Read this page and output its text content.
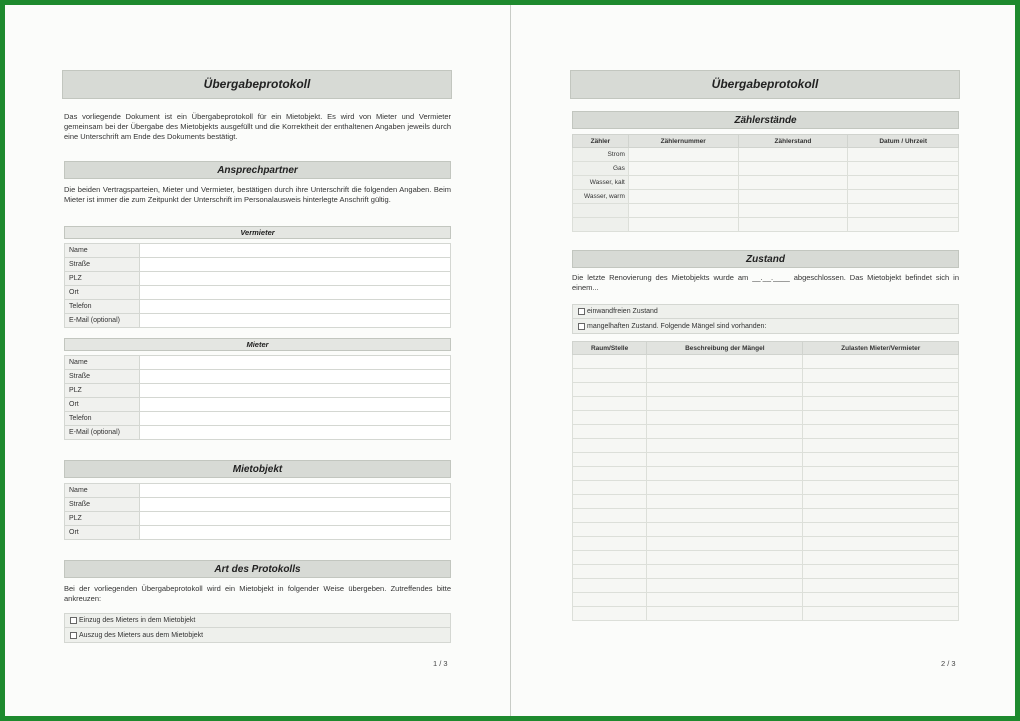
Übergabeprotokoll
Das vorliegende Dokument ist ein Übergabeprotokoll für ein Mietobjekt. Es wird von Mieter und Vermieter gemeinsam bei der Übergabe des Mietobjekts ausgefüllt und die Korrektheit der enthaltenen Angaben jeweils durch eine Unterschrift am Ende des Dokuments bestätigt.
Ansprechpartner
Die beiden Vertragsparteien, Mieter und Vermieter, bestätigen durch ihre Unterschrift die folgenden Angaben. Beim Mieter ist immer die zum Zeitpunkt der Unterschrift im Personalausweis hinterlegte Anschrift gültig.
Vermieter
Name	
Straße	
PLZ	
Ort	
Telefon	
E-Mail (optional)	
Mieter
Name	
Straße	
PLZ	
Ort	
Telefon	
E-Mail (optional)	
Mietobjekt
Name	
Straße	
PLZ	
Ort	
Art des Protokolls
Bei der vorliegenden Übergabeprotokoll wird ein Mietobjekt in folgender Weise übergeben. Zutreffendes bitte ankreuzen:
Einzug des Mieters in dem Mietobjekt
Auszug des Mieters aus dem Mietobjekt
1 / 3
Übergabeprotokoll
Zählerstände
Zähler	Zählernummer	Zählerstand	Datum / Uhrzeit
Strom			
Gas			
Wasser, kalt			
Wasser, warm			

Zustand
Die letzte Renovierung des Mietobjekts wurde am __.__.____ abgeschlossen. Das Mietobjekt befindet sich in einem...
einwandfreien Zustand
mangelhaften Zustand. Folgende Mängel sind vorhanden:
Raum/Stelle	Beschreibung der Mängel	Zulasten Mieter/Vermieter

2 / 3
